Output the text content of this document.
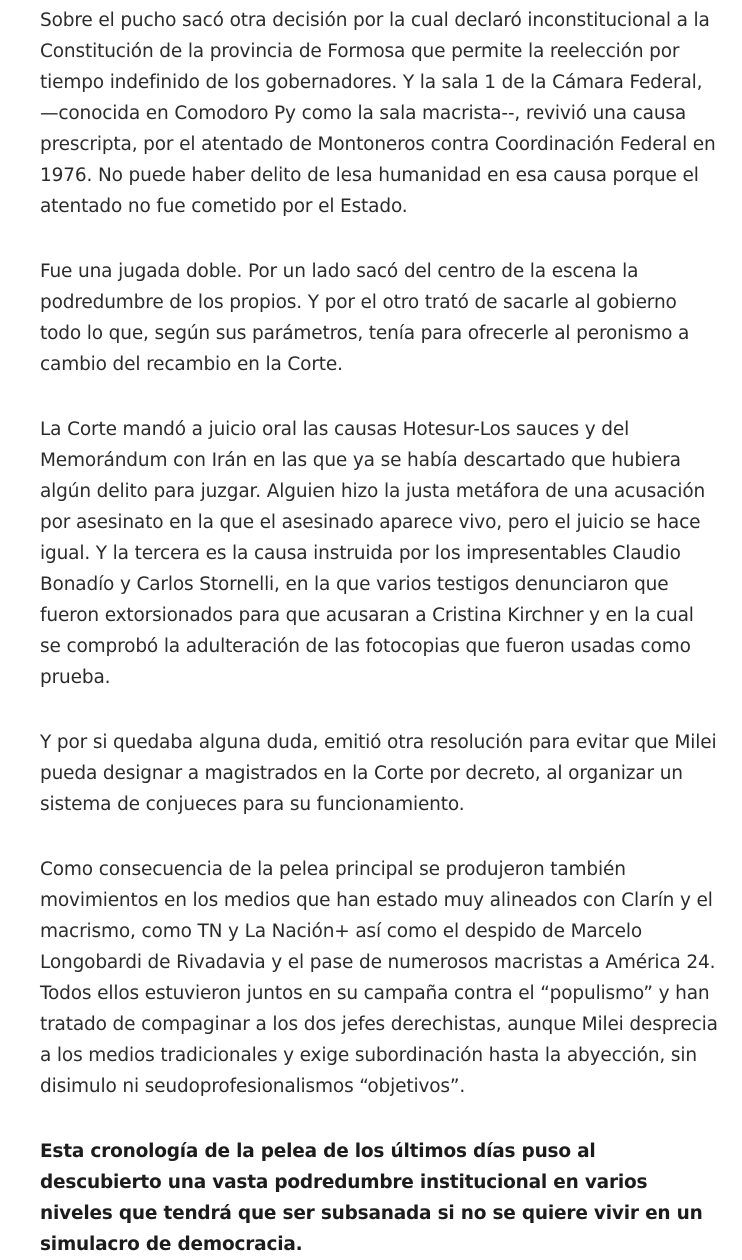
Sobre el pucho sacó otra decisión por la cual declaró inconstitucional a la Constitución de la provincia de Formosa que permite la reelección por tiempo indefinido de los gobernadores. Y la sala 1 de la Cámara Federal, —conocida en Comodoro Py como la sala macrista--, revivió una causa prescripta, por el atentado de Montoneros contra Coordinación Federal en 1976. No puede haber delito de lesa humanidad en esa causa porque el atentado no fue cometido por el Estado.

Fue una jugada doble. Por un lado sacó del centro de la escena la podredumbre de los propios. Y por el otro trató de sacarle al gobierno todo lo que, según sus parámetros, tenía para ofrecerle al peronismo a cambio del recambio en la Corte.

La Corte mandó a juicio oral las causas Hotesur-Los sauces y del Memorándum con Irán en las que ya se había descartado que hubiera algún delito para juzgar. Alguien hizo la justa metáfora de una acusación por asesinato en la que el asesinado aparece vivo, pero el juicio se hace igual. Y la tercera es la causa instruida por los impresentables Claudio Bonadío y Carlos Stornelli, en la que varios testigos denunciaron que fueron extorsionados para que acusaran a Cristina Kirchner y en la cual se comprobó la adulteración de las fotocopias que fueron usadas como prueba.

Y por si quedaba alguna duda, emitió otra resolución para evitar que Milei pueda designar a magistrados en la Corte por decreto, al organizar un sistema de conjueces para su funcionamiento.

Como consecuencia de la pelea principal se produjeron también movimientos en los medios que han estado muy alineados con Clarín y el macrismo, como TN y La Nación+ así como el despido de Marcelo Longobardi de Rivadavia y el pase de numerosos macristas a América 24. Todos ellos estuvieron juntos en su campaña contra el “populismo” y han tratado de compaginar a los dos jefes derechistas, aunque Milei desprecia a los medios tradicionales y exige subordinación hasta la abyección, sin disimulo ni seudoprofesionalismos “objetivos”.

Esta cronología de la pelea de los últimos días puso al descubierto una vasta podredumbre institucional en varios niveles que tendrá que ser subsanada si no se quiere vivir en un simulacro de democracia.
